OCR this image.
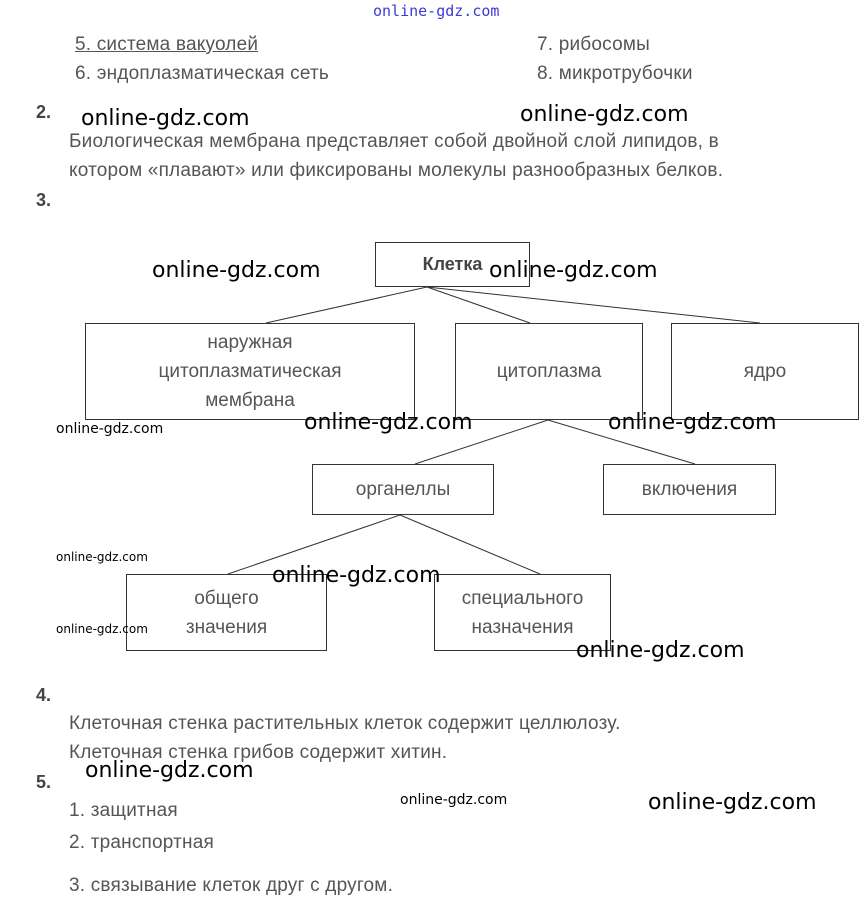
online-gdz.com
5. система вакуолей
6. эндоплазматическая сеть
7. рибосомы
8. микротрубочки
2.
Биологическая мембрана представляет собой двойной слой липидов, в
котором «плавают» или фиксированы молекулы разнообразных белков.
3.
Клетка
наружная
цитоплазматическая
мембрана
цитоплазма	ядро
органеллы	включения
общего
значения
специального
назначения
4.
Клеточная стенка растительных клеток содержит целлюлозу.
Клеточная стенка грибов содержит хитин.
5.
1. защитная
2. транспортная
3. связывание клеток друг с другом.
online-gdz.com	online-gdz.com
online-gdz.com	online-gdz.com
online-gdz.com	online-gdz.com	online-gdz.com
online-gdz.com
online-gdz.com
online-gdz.com
online-gdz.com
online-gdz.com
online-gdz.com	online-gdz.com
